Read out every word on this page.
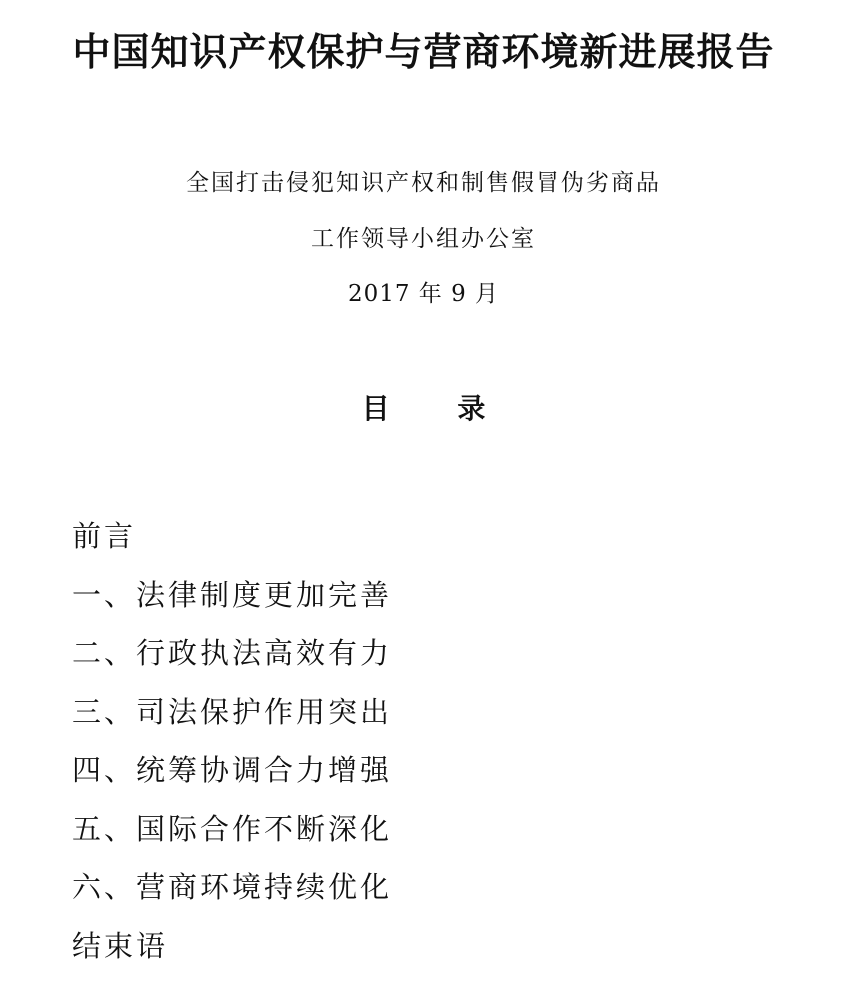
中国知识产权保护与营商环境新进展报告
全国打击侵犯知识产权和制售假冒伪劣商品
工作领导小组办公室
2017 年 9 月
目 录
前言
一、法律制度更加完善
二、行政执法高效有力
三、司法保护作用突出
四、统筹协调合力增强
五、国际合作不断深化
六、营商环境持续优化
结束语
